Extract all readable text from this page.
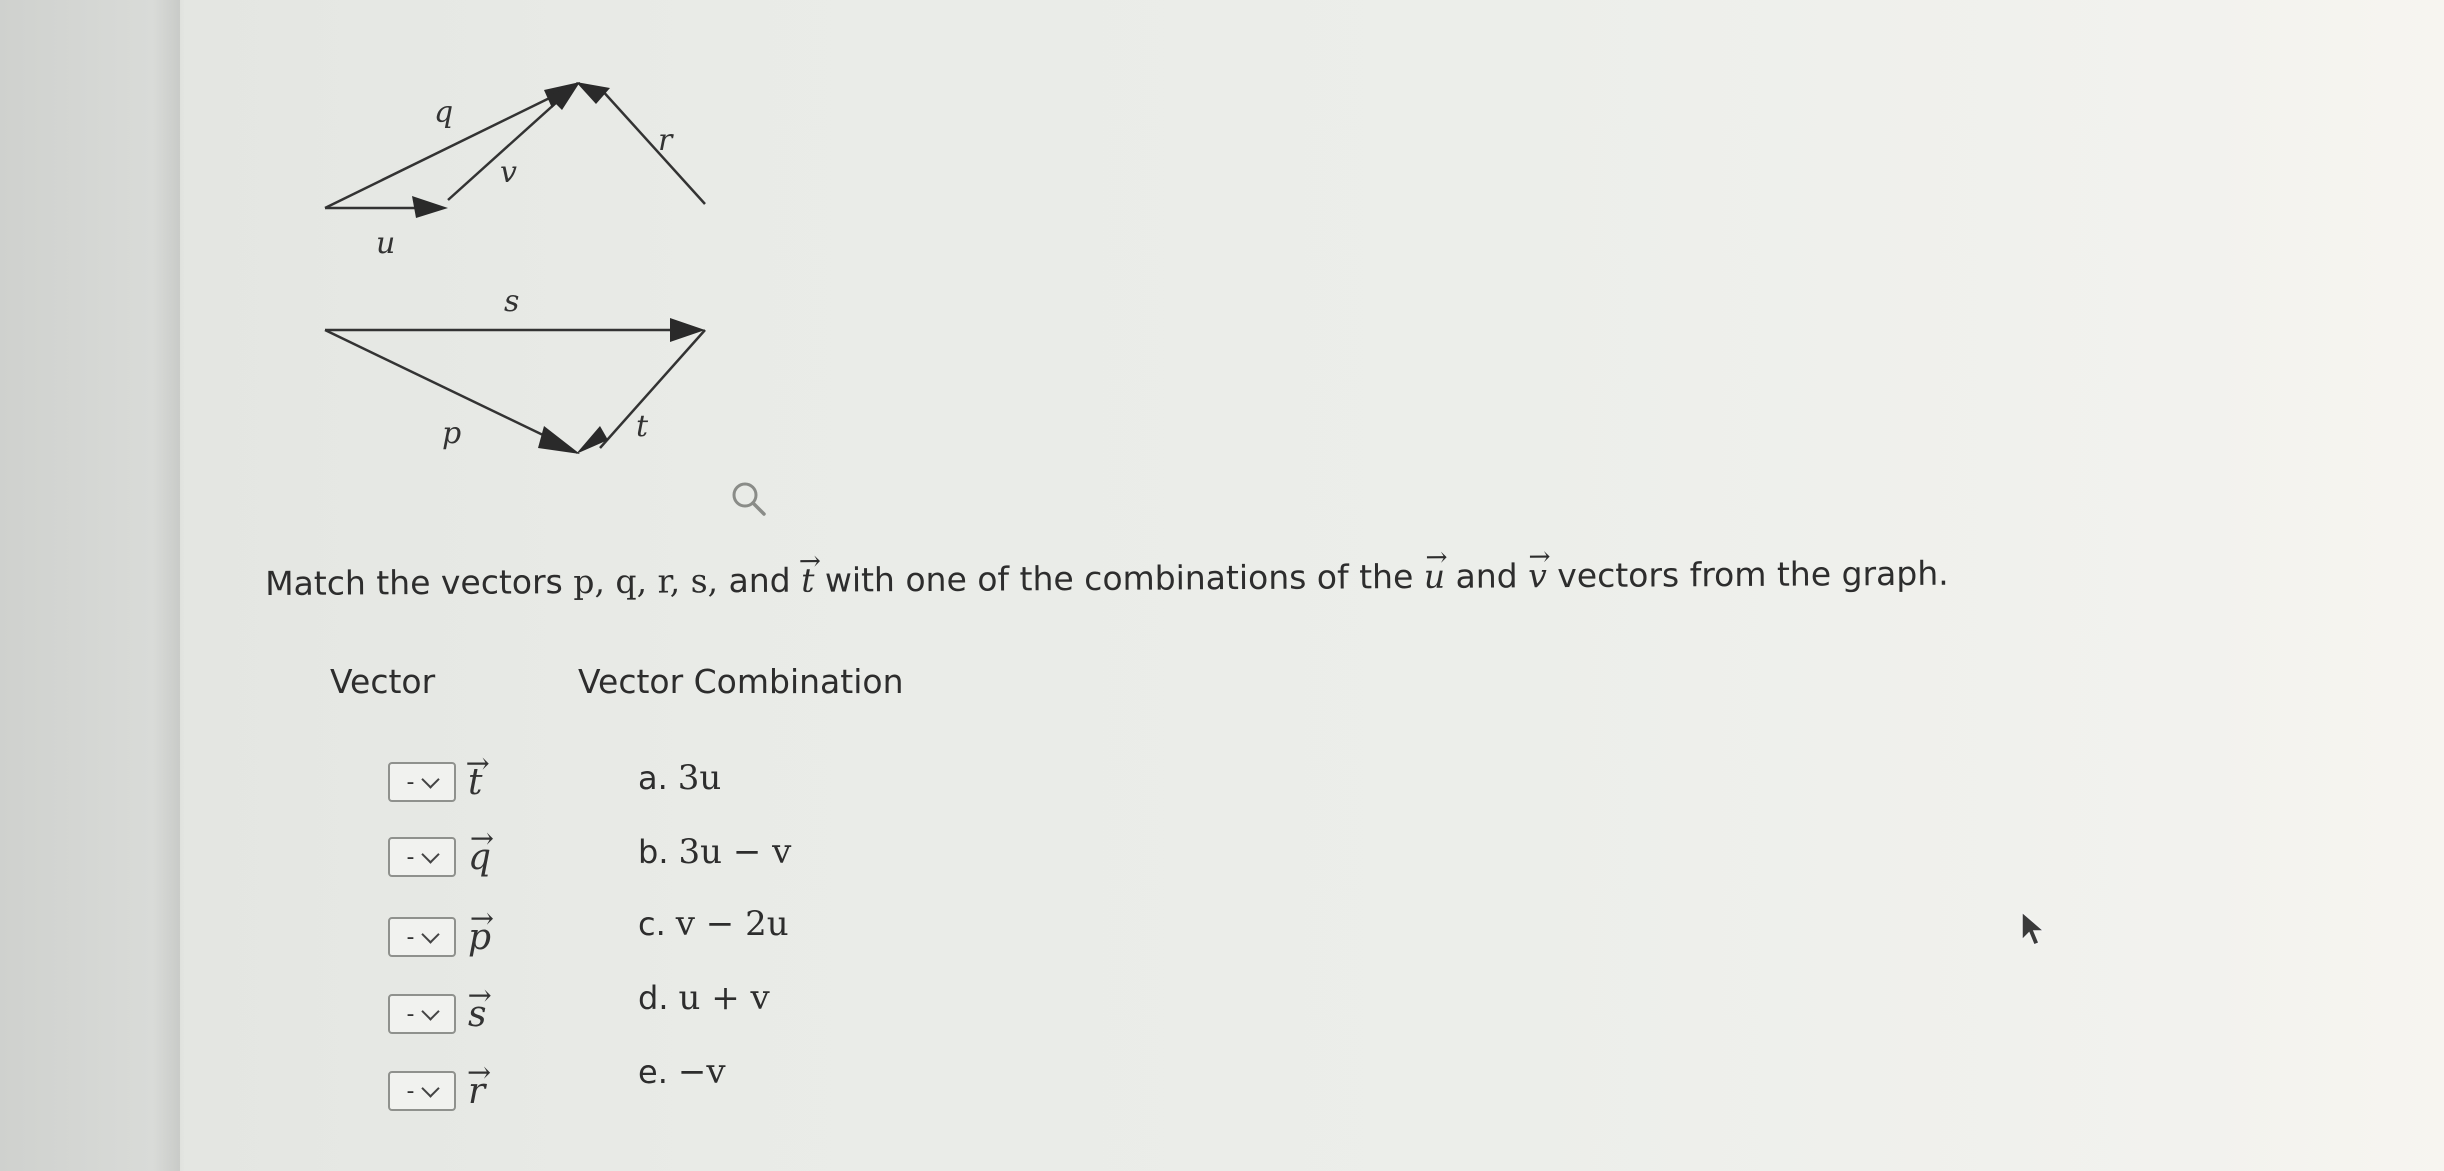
q
v
r
u
s
p	t
Match the vectors p, q, r, s, and → t with one of the combinations of the → u and → v vectors from the graph.
Vector	Vector Combination
- → t
- → q
- → p
- → s
- → r
a. 3u
b. 3u − v
c. v − 2u
d. u + v
e. −v
